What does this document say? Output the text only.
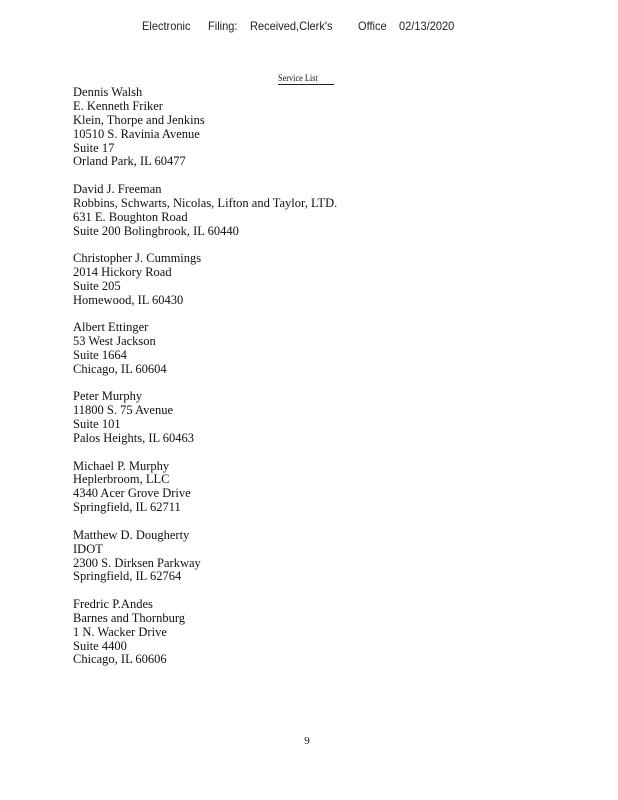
Electronic Filing: Received,Clerk's Office 02/13/2020
Service List
Dennis Walsh
E. Kenneth Friker
Klein, Thorpe and Jenkins
10510 S. Ravinia Avenue
Suite 17
Orland Park, IL 60477
David J. Freeman
Robbins, Schwarts, Nicolas, Lifton and Taylor, LTD.
631 E. Boughton Road
Suite 200 Bolingbrook, IL 60440
Christopher J. Cummings
2014 Hickory Road
Suite 205
Homewood, IL 60430
Albert Ettinger
53 West Jackson
Suite 1664
Chicago, IL 60604
Peter Murphy
11800 S. 75 Avenue
Suite 101
Palos Heights, IL 60463
Michael P. Murphy
Heplerbroom, LLC
4340 Acer Grove Drive
Springfield, IL 62711
Matthew D. Dougherty
IDOT
2300 S. Dirksen Parkway
Springfield, IL 62764
Fredric P.Andes
Barnes and Thornburg
1 N. Wacker Drive
Suite 4400
Chicago, IL 60606
9
